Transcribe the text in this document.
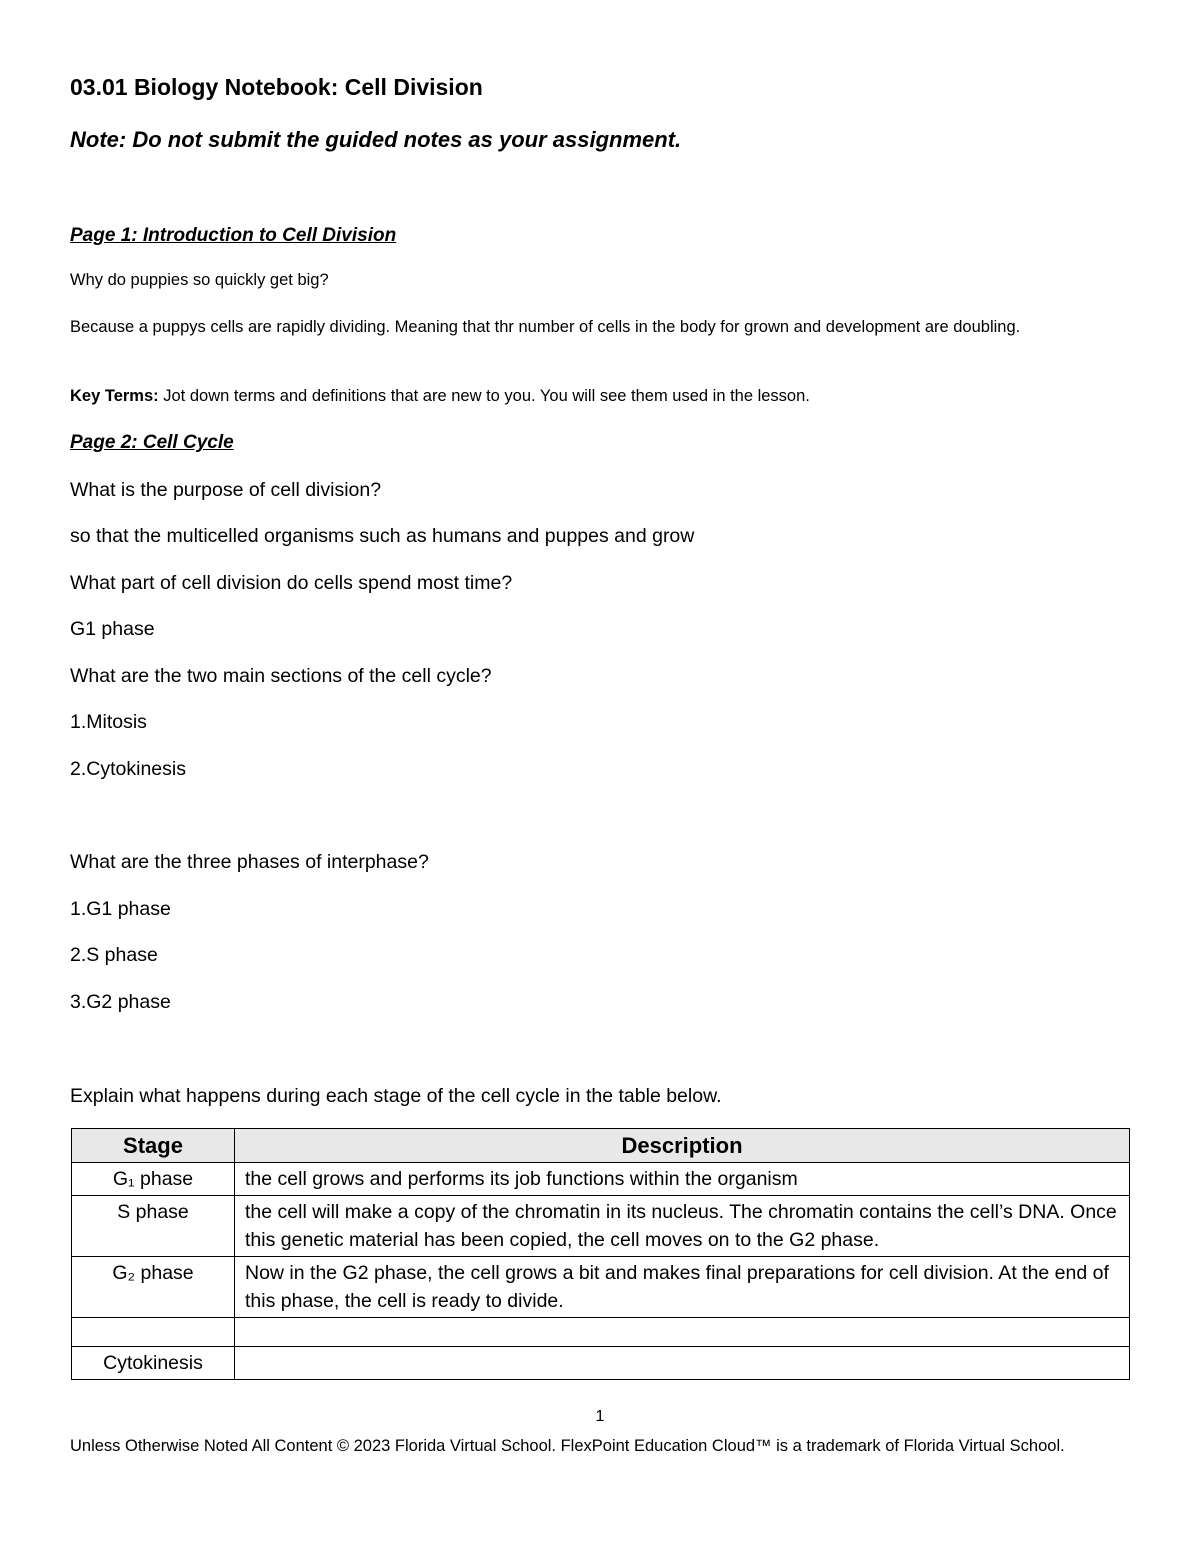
03.01 Biology Notebook: Cell Division
Note: Do not submit the guided notes as your assignment.
Page 1: Introduction to Cell Division
Why do puppies so quickly get big?
Because a puppys cells are rapidly dividing. Meaning that thr number of cells in the body for grown and development are doubling.
Key Terms: Jot down terms and definitions that are new to you. You will see them used in the lesson.
Page 2: Cell Cycle
What is the purpose of cell division?
so that the multicelled organisms such as humans and puppes and grow
What part of cell division do cells spend most time?
G1 phase
What are the two main sections of the cell cycle?
1.Mitosis
2.Cytokinesis
What are the three phases of interphase?
1.G1 phase
2.S phase
3.G2 phase
Explain what happens during each stage of the cell cycle in the table below.
Stage	Description
G₁ phase	the cell grows and performs its job functions within the organism
S phase	the cell will make a copy of the chromatin in its nucleus. The chromatin contains the cell’s DNA. Once this genetic material has been copied, the cell moves on to the G2 phase.
G₂ phase	Now in the G2 phase, the cell grows a bit and makes final preparations for cell division. At the end of this phase, the cell is ready to divide.

Cytokinesis	
1
Unless Otherwise Noted All Content © 2023 Florida Virtual School. FlexPoint Education Cloud™ is a trademark of Florida Virtual School.
